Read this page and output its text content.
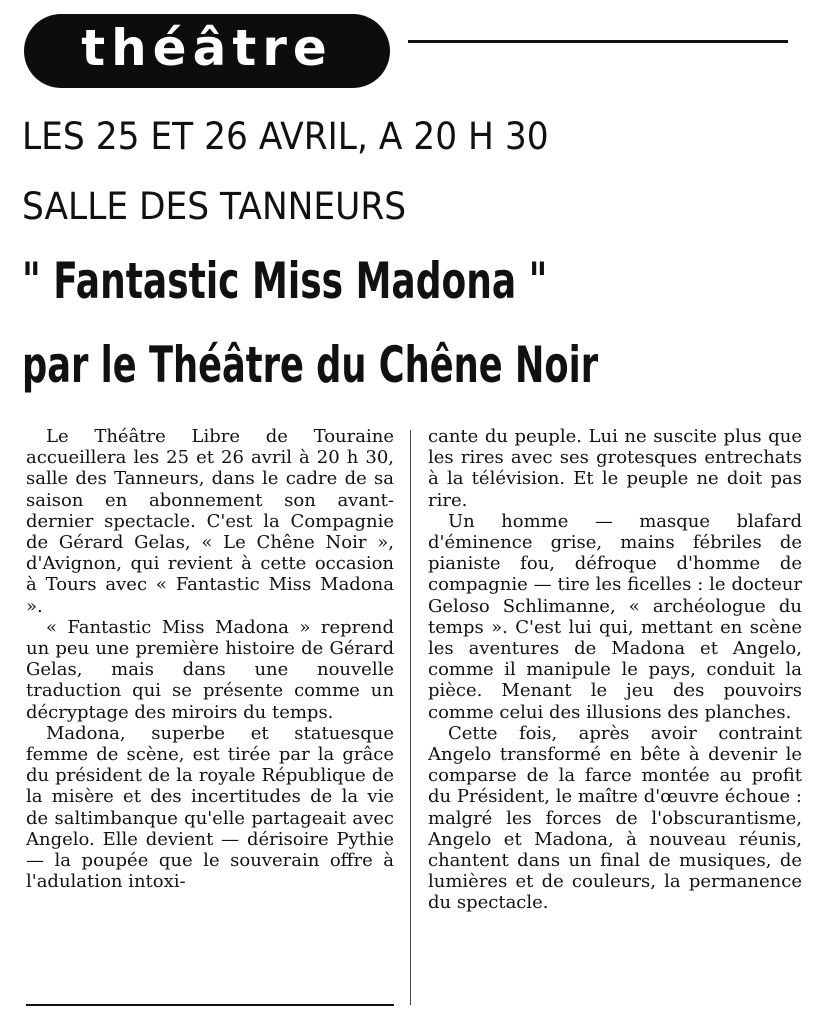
théâtre
LES 25 ET 26 AVRIL, A 20 H 30
SALLE DES TANNEURS
" Fantastic Miss Madona "
par le Théâtre du Chêne Noir

Le Théâtre Libre de Touraine accueillera les 25 et 26 avril à 20 h 30, salle des Tanneurs, dans le cadre de sa saison en abonnement son avant-dernier spectacle. C'est la Compagnie de Gérard Gelas, « Le Chêne Noir », d'Avignon, qui revient à cette occasion à Tours avec « Fantastic Miss Madona ».

« Fantastic Miss Madona » reprend un peu une première histoire de Gérard Gelas, mais dans une nouvelle traduction qui se présente comme un décryptage des miroirs du temps.

Madona, superbe et statuesque femme de scène, est tirée par la grâce du président de la royale République de la misère et des incertitudes de la vie de saltimbanque qu'elle partageait avec Angelo. Elle devient — dérisoire Pythie — la poupée que le souverain offre à l'adulation intoxi-

cante du peuple. Lui ne suscite plus que les rires avec ses grotesques entrechats à la télévision. Et le peuple ne doit pas rire.

Un homme — masque blafard d'éminence grise, mains fébriles de pianiste fou, défroque d'homme de compagnie — tire les ficelles : le docteur Geloso Schlimanne, « archéologue du temps ». C'est lui qui, mettant en scène les aventures de Madona et Angelo, comme il manipule le pays, conduit la pièce. Menant le jeu des pouvoirs comme celui des illusions des planches.

Cette fois, après avoir contraint Angelo transformé en bête à devenir le comparse de la farce montée au profit du Président, le maître d'œuvre échoue : malgré les forces de l'obscurantisme, Angelo et Madona, à nouveau réunis, chantent dans un final de musiques, de lumières et de couleurs, la permanence du spectacle.
